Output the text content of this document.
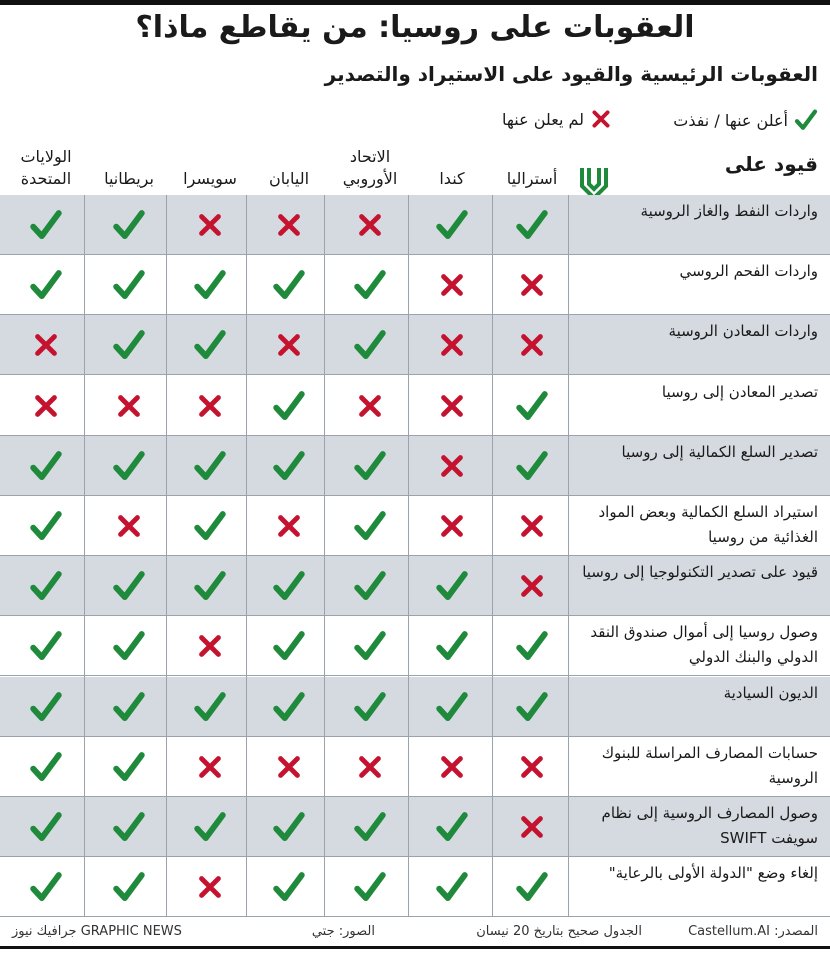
العقوبات على روسيا: من يقاطع ماذا؟
العقوبات الرئيسية والقيود على الاستيراد والتصدير
أعلن عنها / نفذت
لم يعلن عنها
أستراليا
كندا
الاتحاد الأوروبي
اليابان
سويسرا
بريطانيا
الولايات المتحدة
قيود على
واردات النفط والغاز الروسية
واردات الفحم الروسي
واردات المعادن الروسية
تصدير المعادن إلى روسيا
تصدير السلع الكمالية إلى روسيا
استيراد السلع الكمالية وبعض المواد الغذائية من روسيا
قيود على تصدير التكنولوجيا إلى روسيا
وصول روسيا إلى أموال صندوق النقد الدولي والبنك الدولي
الديون السيادية
حسابات المصارف المراسلة للبنوك الروسية
وصول المصارف الروسية إلى نظام سويفت SWIFT
إلغاء وضع "الدولة الأولى بالرعاية"
المصدر: Castellum.AI
الجدول صحيح بتاريخ 20 نيسان
الصور: جتي
GRAPHIC NEWS جرافيك نيوز
